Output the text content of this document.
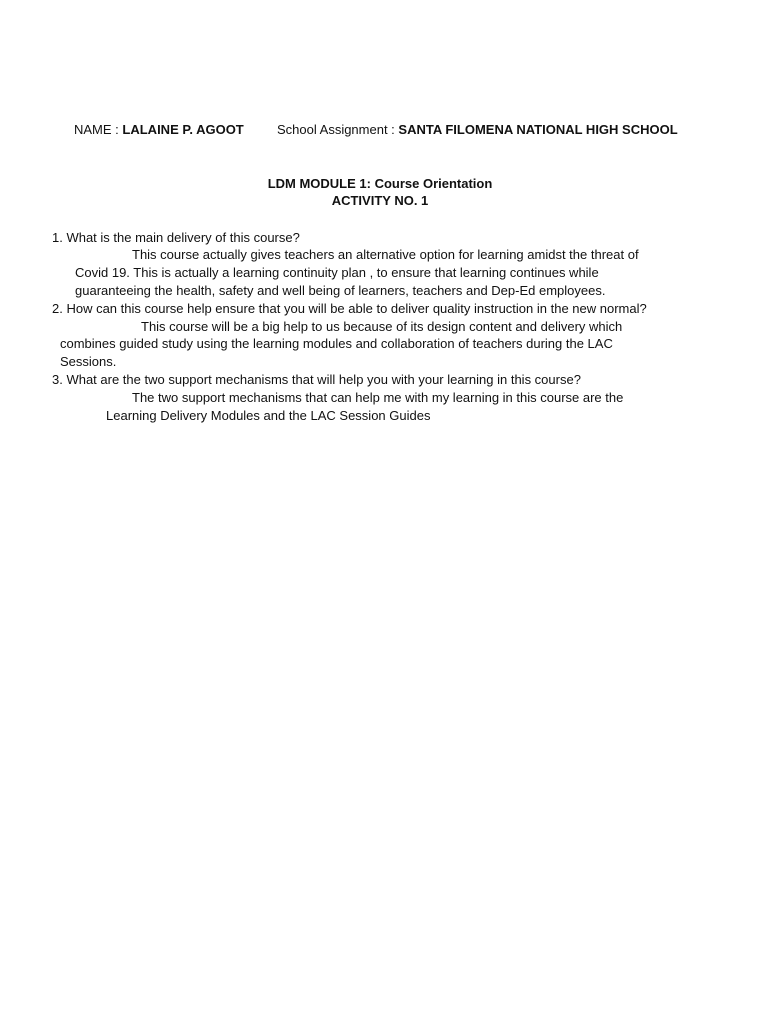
NAME : LALAINE P. AGOOT	School Assignment : SANTA FILOMENA NATIONAL HIGH SCHOOL
LDM MODULE 1: Course Orientation
ACTIVITY NO. 1
1. What is the main delivery of this course?
This course actually gives teachers an alternative option for learning amidst the threat of
Covid 19. This is actually a learning continuity plan , to ensure that learning continues while
guaranteeing the health, safety and well being of learners, teachers and Dep-Ed employees.
2. How can this course help ensure that you will be able to deliver quality instruction in the new normal?
This course will be a big help to us because of its design content and delivery which
combines guided study using the learning modules and collaboration of teachers during the LAC
Sessions.
3. What are the two support mechanisms that will help you with your learning in this course?
The two support mechanisms that can help me with my learning in this course are the
Learning Delivery Modules and the LAC Session Guides
